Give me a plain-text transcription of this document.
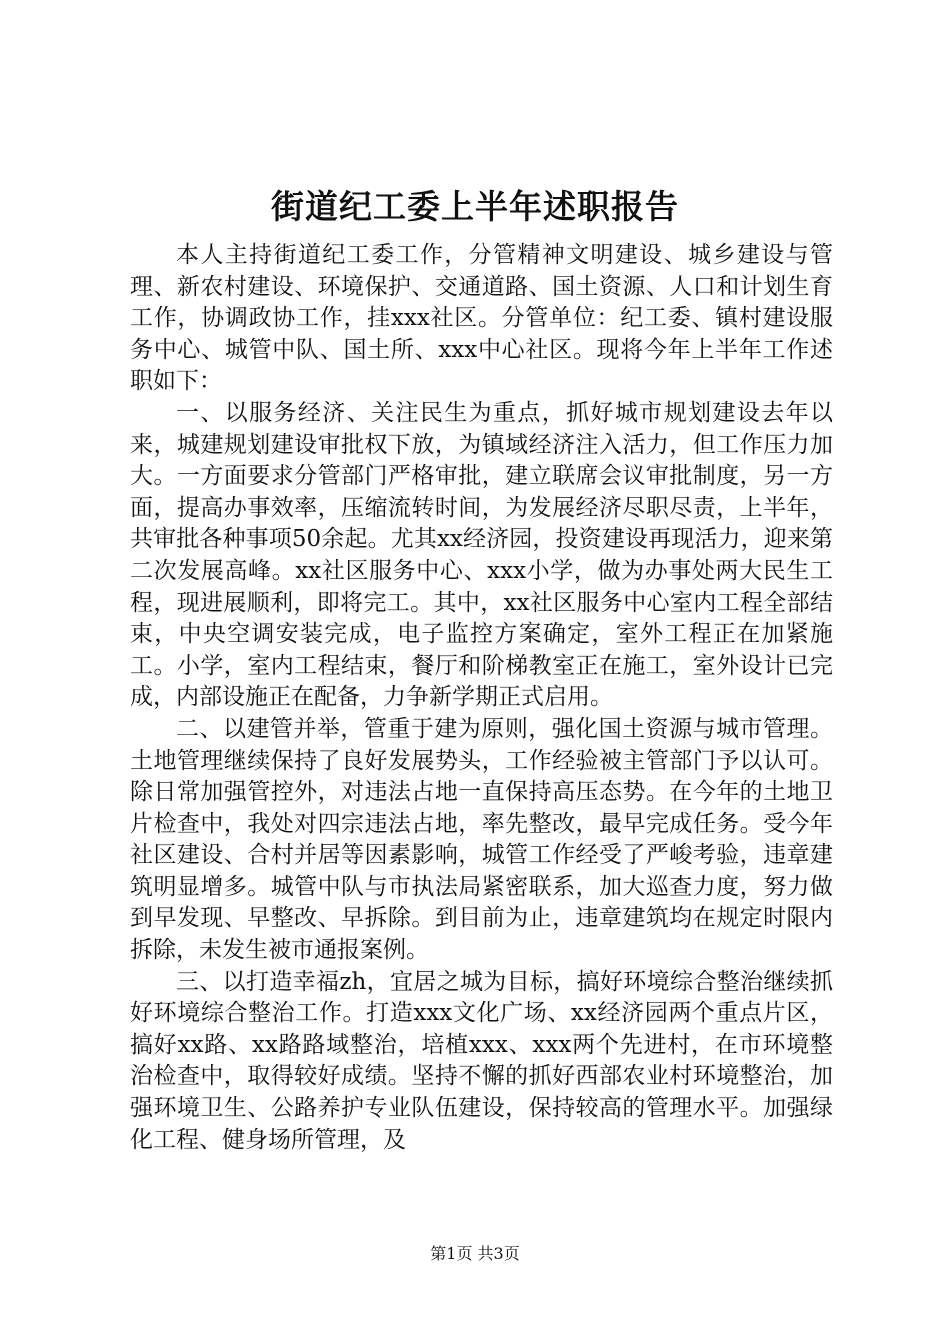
街道纪工委上半年述职报告

本人主持街道纪工委工作，分管精神文明建设、城乡建设与管理、新农村建设、环境保护、交通道路、国土资源、人口和计划生育工作，协调政协工作，挂xxx社区。分管单位：纪工委、镇村建设服务中心、城管中队、国土所、xxx中心社区。现将今年上半年工作述职如下：

一、以服务经济、关注民生为重点，抓好城市规划建设去年以来，城建规划建设审批权下放，为镇域经济注入活力，但工作压力加大。一方面要求分管部门严格审批，建立联席会议审批制度，另一方面，提高办事效率，压缩流转时间，为发展经济尽职尽责，上半年，共审批各种事项50余起。尤其xx经济园，投资建设再现活力，迎来第二次发展高峰。xx社区服务中心、xxx小学，做为办事处两大民生工程，现进展顺利，即将完工。其中，xx社区服务中心室内工程全部结束，中央空调安装完成，电子监控方案确定，室外工程正在加紧施工。小学，室内工程结束，餐厅和阶梯教室正在施工，室外设计已完成，内部设施正在配备，力争新学期正式启用。

二、以建管并举，管重于建为原则，强化国土资源与城市管理。土地管理继续保持了良好发展势头，工作经验被主管部门予以认可。除日常加强管控外，对违法占地一直保持高压态势。在今年的土地卫片检查中，我处对四宗违法占地，率先整改，最早完成任务。受今年社区建设、合村并居等因素影响，城管工作经受了严峻考验，违章建筑明显增多。城管中队与市执法局紧密联系，加大巡查力度，努力做到早发现、早整改、早拆除。到目前为止，违章建筑均在规定时限内拆除，未发生被市通报案例。

三、以打造幸福zh，宜居之城为目标，搞好环境综合整治继续抓好环境综合整治工作。打造xxx文化广场、xx经济园两个重点片区，搞好xx路、xx路路域整治，培植xxx、xxx两个先进村，在市环境整治检查中，取得较好成绩。坚持不懈的抓好西部农业村环境整治，加强环境卫生、公路养护专业队伍建设，保持较高的管理水平。加强绿化工程、健身场所管理，及

第1页 共3页
